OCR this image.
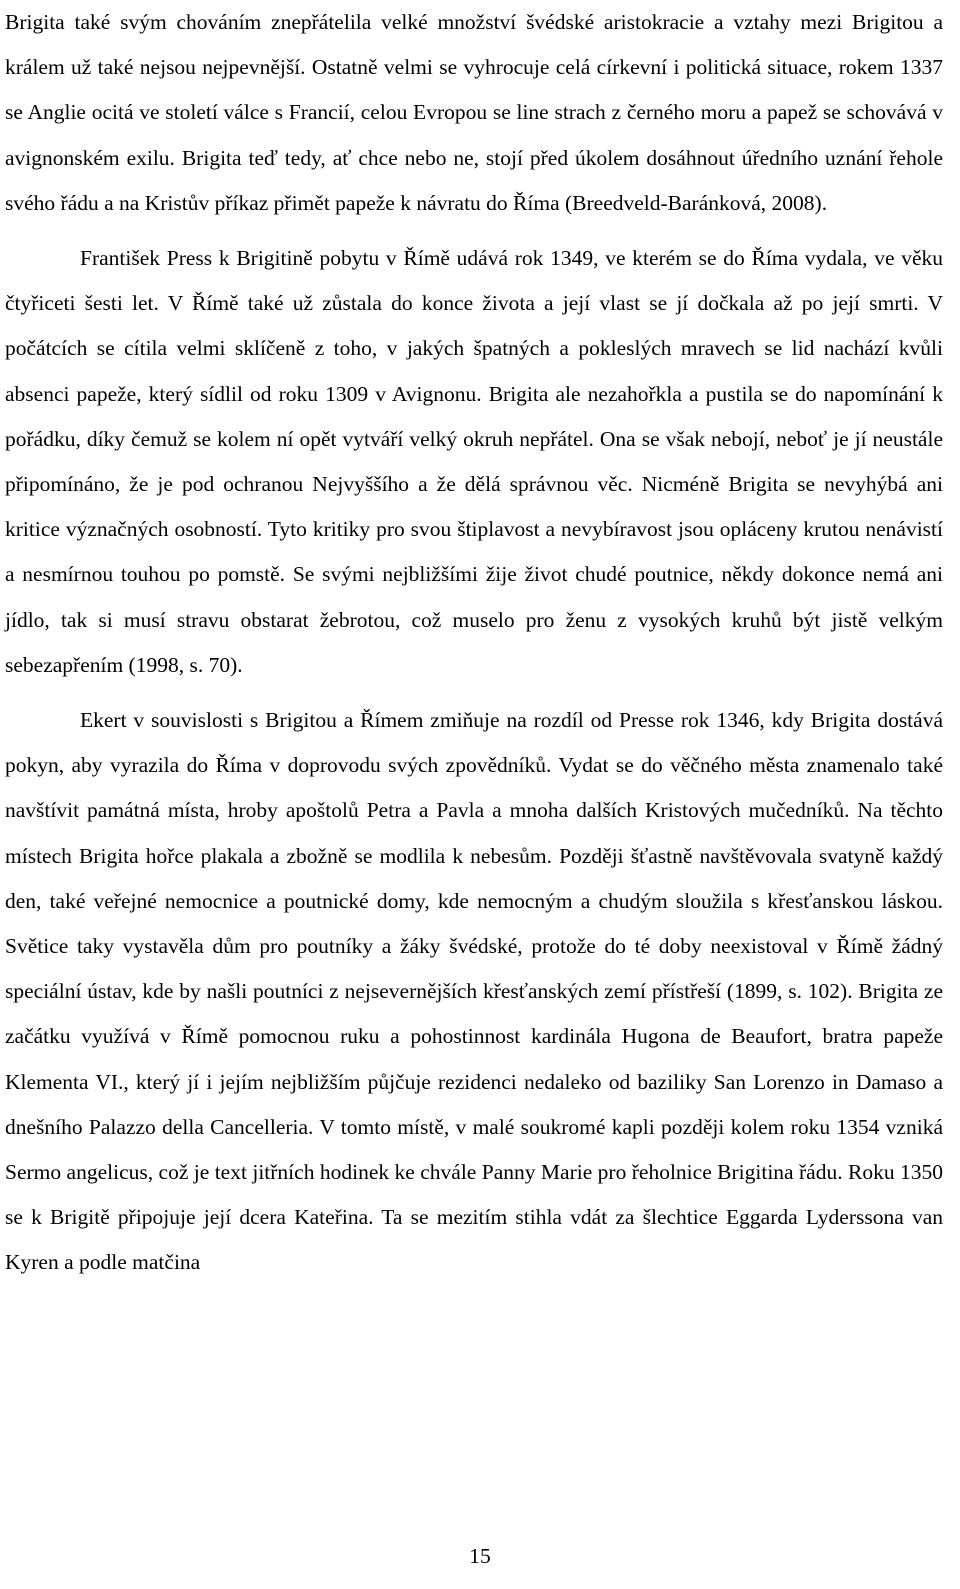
Brigita také svým chováním znepřátelila velké množství švédské aristokracie a vztahy mezi Brigitou a králem už také nejsou nejpevnější. Ostatně velmi se vyhrocuje celá církevní i politická situace, rokem 1337 se Anglie ocitá ve století válce s Francií, celou Evropou se line strach z černého moru a papež se schovává v avignonském exilu. Brigita teď tedy, ať chce nebo ne, stojí před úkolem dosáhnout úředního uznání řehole svého řádu a na Kristův příkaz přimět papeže k návratu do Říma (Breedveld-Baránková, 2008).

František Press k Brigitině pobytu v Římě udává rok 1349, ve kterém se do Říma vydala, ve věku čtyřiceti šesti let. V Římě také už zůstala do konce života a její vlast se jí dočkala až po její smrti. V počátcích se cítila velmi sklíčeně z toho, v jakých špatných a pokleslých mravech se lid nachází kvůli absenci papeže, který sídlil od roku 1309 v Avignonu. Brigita ale nezahořkla a pustila se do napomínání k pořádku, díky čemuž se kolem ní opět vytváří velký okruh nepřátel. Ona se však nebojí, neboť je jí neustále připomínáno, že je pod ochranou Nejvyššího a že dělá správnou věc. Nicméně Brigita se nevyhýbá ani kritice význačných osobností. Tyto kritiky pro svou štiplavost a nevybíravost jsou opláceny krutou nenávistí a nesmírnou touhou po pomstě. Se svými nejbližšími žije život chudé poutnice, někdy dokonce nemá ani jídlo, tak si musí stravu obstarat žebrotou, což muselo pro ženu z vysokých kruhů být jistě velkým sebezapřením (1998, s. 70).

Ekert v souvislosti s Brigitou a Římem zmiňuje na rozdíl od Presse rok 1346, kdy Brigita dostává pokyn, aby vyrazila do Říma v doprovodu svých zpovědníků. Vydat se do věčného města znamenalo také navštívit památná místa, hroby apoštolů Petra a Pavla a mnoha dalších Kristových mučedníků. Na těchto místech Brigita hořce plakala a zbožně se modlila k nebesům. Později šťastně navštěvovala svatyně každý den, také veřejné nemocnice a poutnické domy, kde nemocným a chudým sloužila s křesťanskou láskou. Světice taky vystavěla dům pro poutníky a žáky švédské, protože do té doby neexistoval v Římě žádný speciální ústav, kde by našli poutníci z nejsevernějších křesťanských zemí přístřeší (1899, s. 102). Brigita ze začátku využívá v Římě pomocnou ruku a pohostinnost kardinála Hugona de Beaufort, bratra papeže Klementa VI., který jí i jejím nejbližším půjčuje rezidenci nedaleko od baziliky San Lorenzo in Damaso a dnešního Palazzo della Cancelleria. V tomto místě, v malé soukromé kapli později kolem roku 1354 vzniká Sermo angelicus, což je text jitřních hodinek ke chvále Panny Marie pro řeholnice Brigitina řádu. Roku 1350 se k Brigitě připojuje její dcera Kateřina. Ta se mezitím stihla vdát za šlechtice Eggarda Lyderssona van Kyren a podle matčina

15
